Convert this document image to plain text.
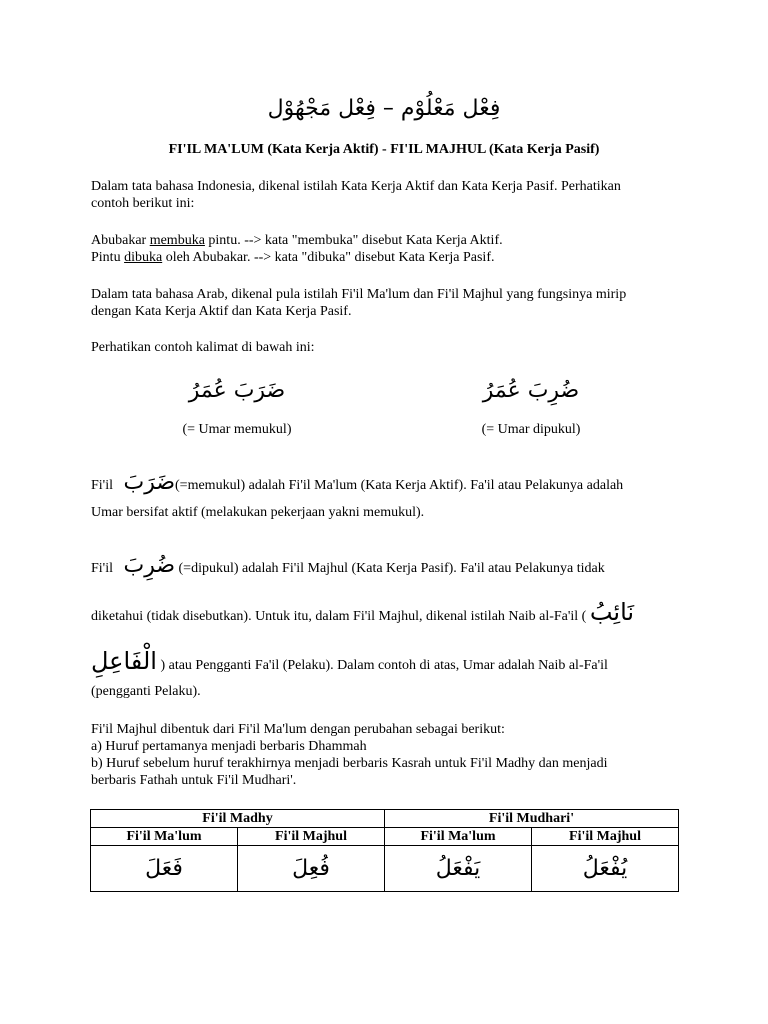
فِعْل مَعْلُوْم – فِعْل مَجْهُوْل
FI'IL MA'LUM (Kata Kerja Aktif) - FI'IL MAJHUL (Kata Kerja Pasif)

Dalam tata bahasa Indonesia, dikenal istilah Kata Kerja Aktif dan Kata Kerja Pasif. Perhatikan

contoh berikut ini:

Abubakar membuka pintu. --> kata "membuka" disebut Kata Kerja Aktif.

Pintu dibuka oleh Abubakar. --> kata "dibuka" disebut Kata Kerja Pasif.

Dalam tata bahasa Arab, dikenal pula istilah Fi'il Ma'lum dan Fi'il Majhul yang fungsinya mirip

dengan Kata Kerja Aktif dan Kata Kerja Pasif.

Perhatikan contoh kalimat di bawah ini:
ضَرَبَ عُمَرُ
(= Umar memukul)
ضُرِبَ عُمَرُ
(= Umar dipukul)
Fi'il ضَرَبَ(=memukul) adalah Fi'il Ma'lum (Kata Kerja Aktif). Fa'il atau Pelakunya adalah
Umar bersifat aktif (melakukan pekerjaan yakni memukul).
Fi'il ضُرِبَ (=dipukul) adalah Fi'il Majhul (Kata Kerja Pasif). Fa'il atau Pelakunya tidak
diketahui (tidak disebutkan). Untuk itu, dalam Fi'il Majhul, dikenal istilah Naib al-Fa'il ( نَائِبُ
الْفَاعِلِ ) atau Pengganti Fa'il (Pelaku). Dalam contoh di atas, Umar adalah Naib al-Fa'il
(pengganti Pelaku).

Fi'il Majhul dibentuk dari Fi'il Ma'lum dengan perubahan sebagai berikut:

a) Huruf pertamanya menjadi berbaris Dhammah

b) Huruf sebelum huruf terakhirnya menjadi berbaris Kasrah untuk Fi'il Madhy dan menjadi

berbaris Fathah untuk Fi'il Mudhari'.

Fi'il Madhy		Fi'il Mudhari'	
Fi'il Ma'lum	Fi'il Majhul	Fi'il Ma'lum	Fi'il Majhul
فَعَلَ	فُعِلَ	يَفْعَلُ	يُفْعَلُ
